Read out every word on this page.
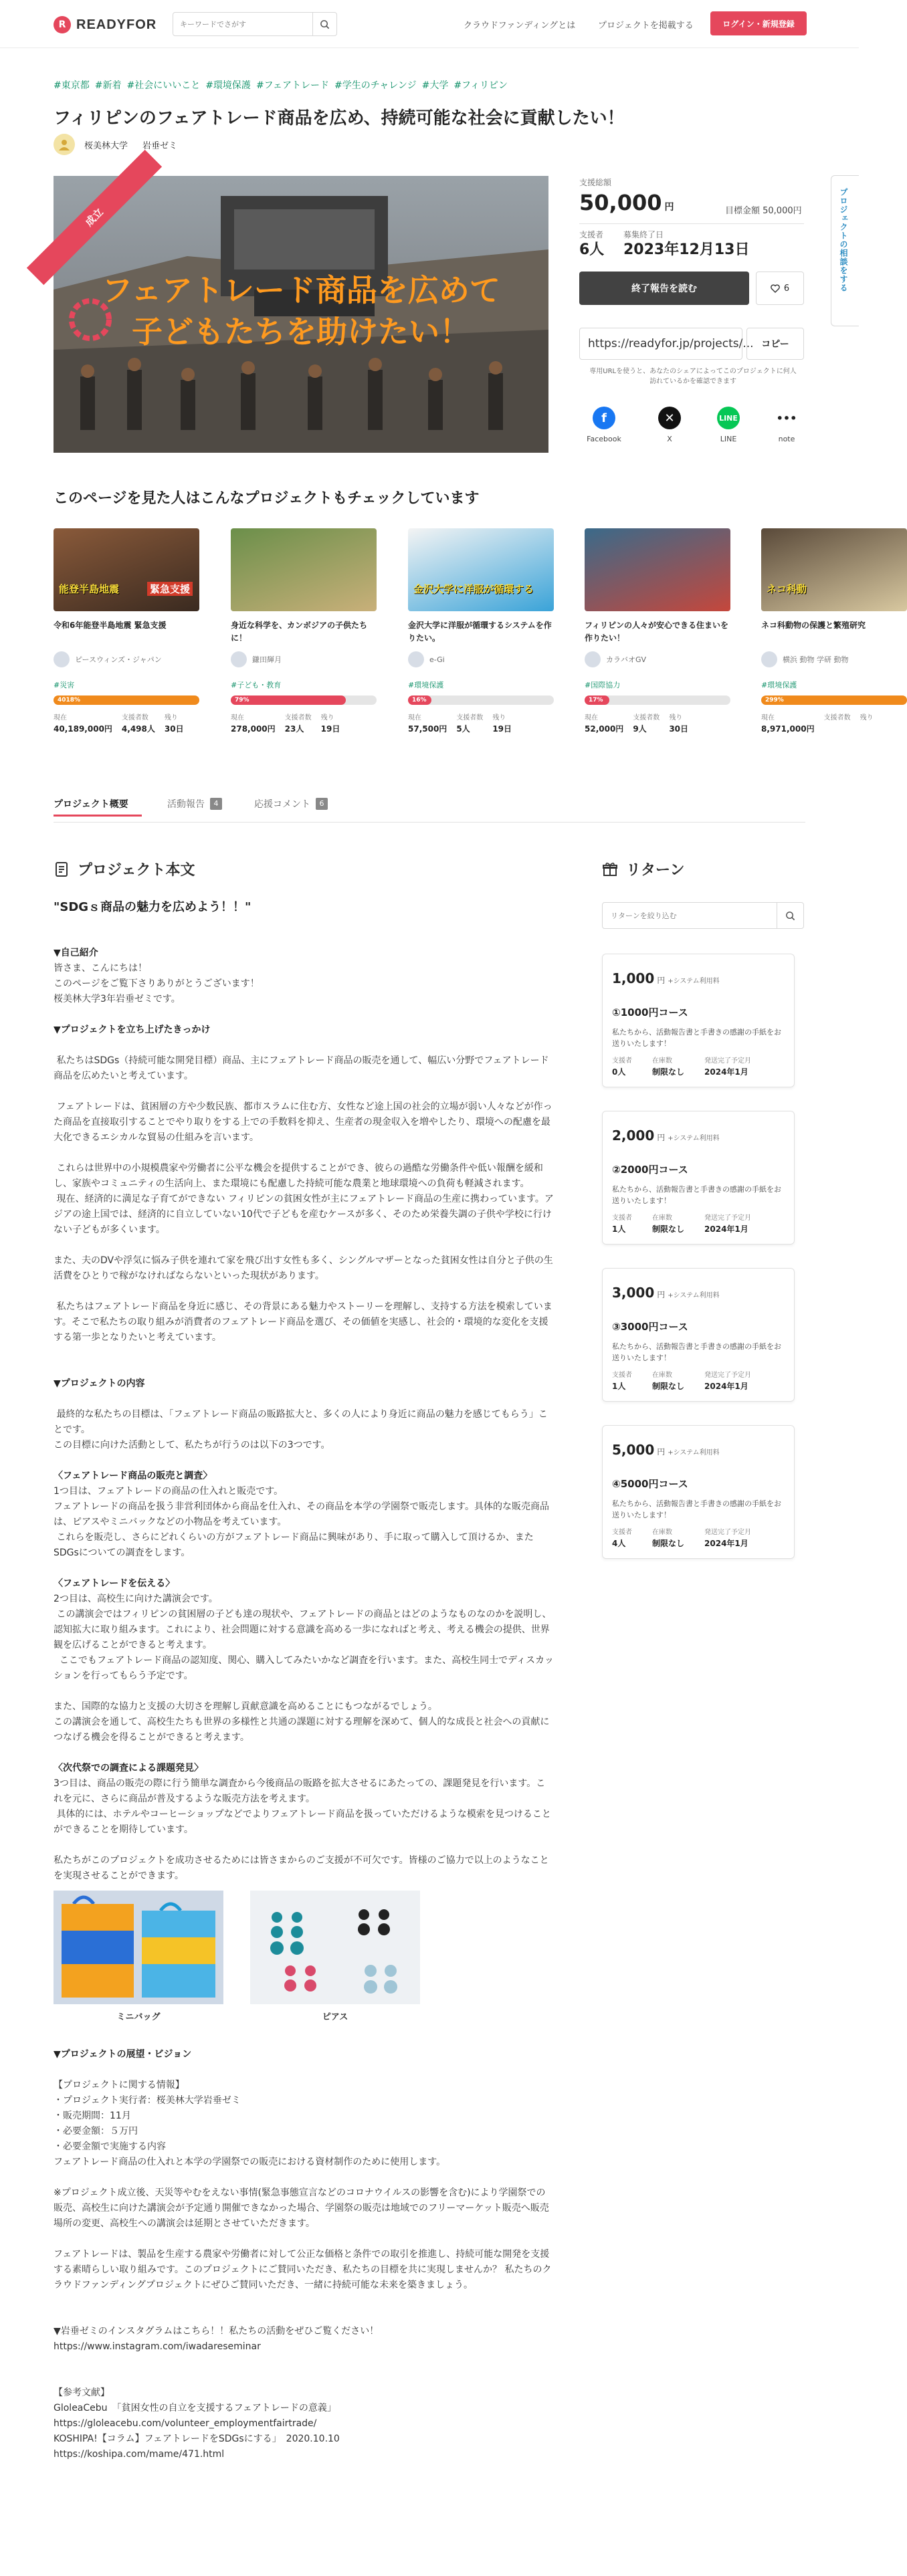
R READYFOR
キーワードでさがす	クラウドファンディングとは	プロジェクトを掲載する	ログイン・新規登録
プロジェクトの相談をする
#東京都 #新着 #社会にいいこと #環境保護 #フェアトレード #学生のチャレンジ #大学 #フィリピン
フィリピンのフェアトレード商品を広め、持続可能な社会に貢献したい！
桜美林大学 岩垂ゼミ
フェアトレード商品を広めて
子どもたちを助けたい！
成立
支援総額
50,000 円	目標金額 50,000円
支援者
6人
募集終了日
2023年12月13日
終了報告を読む	6
https://readyfor.jp/projects/... コピー
専用URLを使うと、あなたのシェアによってこのプロジェクトに何人訪れているかを確認できます
f
Facebook
✕
X
LINE
LINE
•••
note
このページを見た人はこんなプロジェクトもチェックしています
能登半島地震	緊急支援
令和6年能登半島地震 緊急支援
ピースウィンズ・ジャパン
#災害
4018%
現在
40,189,000円
支援者数
4,498人
残り
30日
身近な科学を、カンボジアの子供たちに！
鎌田輝月
#子ども・教育
79%
現在
278,000円
支援者数
23人
残り
19日
金沢大学に洋服が循環する
金沢大学に洋服が循環するシステムを作りたい。
e-Gi
#環境保護
16%
現在
57,500円
支援者数
5人
残り
19日
フィリピンの人々が安心できる住まいを作りたい！
カラバオGV
#国際協力
17%
現在
52,000円
支援者数
9人
残り
30日
ネコ科動
ネコ科動物の保護と繁殖研究
横浜 動物 学研 動物
#環境保護
299%
現在
8,971,000円
支援者数 残り
プロジェクト概要	活動報告	4	応援コメント	6
プロジェクト本文

"SDGｓ商品の魅力を広めよう！！"

▼自己紹介

皆さま、こんにちは！
このページをご覧下さりありがとうございます！
桜美林大学3年岩垂ゼミです。

▼プロジェクトを立ち上げたきっかけ

私たちはSDGs（持続可能な開発目標）商品、主にフェアトレード商品の販売を通して、幅広い分野でフェアトレード商品を広めたいと考えています。

フェアトレードは、貧困層の方や少数民族、都市スラムに住む方、女性など途上国の社会的立場が弱い人々などが作った商品を直接取引することでやり取りをする上での手数料を抑え、生産者の現金収入を増やしたり、環境への配慮を最大化できるエシカルな貿易の仕組みを言います。

これらは世界中の小規模農家や労働者に公平な機会を提供することができ、彼らの過酷な労働条件や低い報酬を緩和し、家族やコミュニティの生活向上、また環境にも配慮した持続可能な農業と地球環境への負荷も軽減されます。
現在、経済的に満足な子育てができない フィリピンの貧困女性が主にフェアトレード商品の生産に携わっています。アジアの途上国では、経済的に自立していない10代で子どもを産むケースが多く、そのため栄養失調の子供や学校に行けない子どもが多くいます。

また、夫のDVや浮気に悩み子供を連れて家を飛び出す女性も多く、シングルマザーとなった貧困女性は自分と子供の生活費をひとりで稼がなければならないといった現状があります。

私たちはフェアトレード商品を身近に感じ、その背景にある魅力やストーリーを理解し、支持する方法を模索しています。そこで私たちの取り組みが消費者のフェアトレード商品を選び、その価値を実感し、社会的・環境的な変化を支援する第一歩となりたいと考えています。

▼プロジェクトの内容

最終的な私たちの目標は、「フェアトレード商品の販路拡大と、多くの人により身近に商品の魅力を感じてもらう」ことです。
この目標に向けた活動として、私たちが行うのは以下の3つです。

〈フェアトレード商品の販売と調査〉

1つ目は、フェアトレードの商品の仕入れと販売です。
フェアトレードの商品を扱う非営利団体から商品を仕入れ、その商品を本学の学園祭で販売します。具体的な販売商品は、ピアスやミニバックなどの小物品を考えています。
これらを販売し、さらにどれくらいの方がフェアトレード商品に興味があり、手に取って購入して頂けるか、またSDGsについての調査をします。

〈フェアトレードを伝える〉

2つ目は、高校生に向けた講演会です。
この講演会ではフィリピンの貧困層の子ども達の現状や、フェアトレードの商品とはどのようなものなのかを説明し、認知拡大に取り組みます。これにより、社会問題に対する意識を高める一歩になればと考え、考える機会の提供、世界観を広げることができると考えます。
ここでもフェアトレード商品の認知度、関心、購入してみたいかなど調査を行います。また、高校生同士でディスカッションを行ってもらう予定です。

また、国際的な協力と支援の大切さを理解し貢献意識を高めることにもつながるでしょう。
この講演会を通して、高校生たちも世界の多様性と共通の課題に対する理解を深めて、個人的な成長と社会への貢献につなげる機会を得ることができると考えます。

〈次代祭での調査による課題発見〉

3つ目は、商品の販売の際に行う簡単な調査から今後商品の販路を拡大させるにあたっての、課題発見を行います。これを元に、さらに商品が普及するような販売方法を考えます。
具体的には、ホテルやコーヒーショップなどでよりフェアトレード商品を扱っていただけるような模索を見つけることができることを期待しています。

私たちがこのプロジェクトを成功させるためには皆さまからのご支援が不可欠です。皆様のご協力で以上のようなことを実現させることができます。

ミニバッグ	ピアス

▼プロジェクトの展望・ビジョン

【プロジェクトに関する情報】
・プロジェクト実行者：桜美林大学岩垂ゼミ
・販売期間：11月
・必要金額：５万円
・必要金額で実施する内容
フェアトレード商品の仕入れと本学の学園祭での販売における資材制作のために使用します。

※プロジェクト成立後、天災等やむをえない事情(緊急事態宣言などのコロナウイルスの影響を含む)により学園祭での販売、高校生に向けた講演会が予定通り開催できなかった場合、学園祭の販売は地域でのフリーマーケット販売へ販売場所の変更、高校生への講演会は延期とさせていただきます。

フェアトレードは、製品を生産する農家や労働者に対して公正な価格と条件での取引を推進し、持続可能な開発を支援する素晴らしい取り組みです。このプロジェクトにご賛同いただき、私たちの目標を共に実現しませんか？ 私たちのクラウドファンディングプロジェクトにぜひご賛同いただき、一緒に持続可能な未来を築きましょう。

▼岩垂ゼミのインスタグラムはこちら！！私たちの活動をぜひご覧ください！
https://www.instagram.com/iwadareseminar

【参考文献】
GloleaCebu　「貧困女性の自立を支援するフェアトレードの意義」
https://gloleacebu.com/volunteer_employmentfairtrade/
KOSHIPA!【コラム】フェアトレードをSDGsにする」　2020.10.10
https://koshipa.com/mame/471.html

リターン
リターンを絞り込む
1,000 円 +システム利用料
①1000円コース
私たちから、活動報告書と手書きの感謝の手紙をお送りいたします！
支援者
0人
在庫数
制限なし
発送完了予定月
2024年1月
2,000 円 +システム利用料
②2000円コース
私たちから、活動報告書と手書きの感謝の手紙をお送りいたします！
支援者
1人
在庫数
制限なし
発送完了予定月
2024年1月
3,000 円 +システム利用料
③3000円コース
私たちから、活動報告書と手書きの感謝の手紙をお送りいたします！
支援者
1人
在庫数
制限なし
発送完了予定月
2024年1月
5,000 円 +システム利用料
④5000円コース
私たちから、活動報告書と手書きの感謝の手紙をお送りいたします！
支援者
4人
在庫数
制限なし
発送完了予定月
2024年1月
